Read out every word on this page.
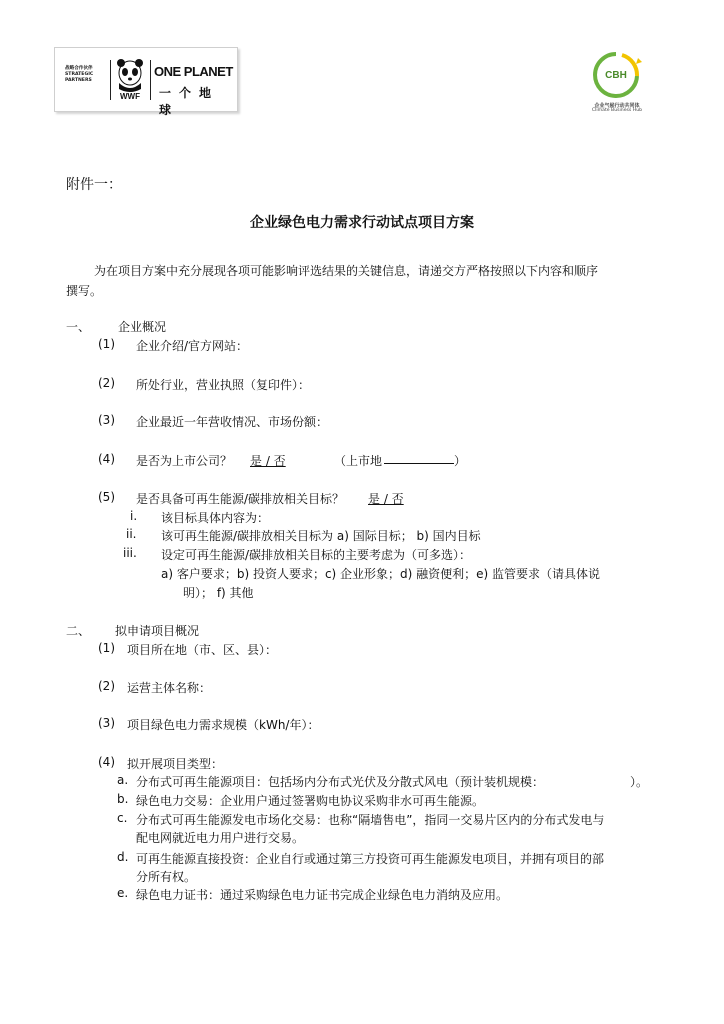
战略合作伙伴 STRATEGIC PARTNERS
WWF
ONE PLANET
一个地球
CBH
企业气候行动共同体
Climate Business Hub
附件一：
企业绿色电力需求行动试点项目方案
为在项目方案中充分展现各项可能影响评选结果的关键信息，请递交方严格按照以下内容和顺序
撰写。
一、 企业概况
(1) 企业介绍/官方网站：
(2) 所处行业，营业执照（复印件）：
(3) 企业最近一年营收情况、市场份额：
(4) 是否为上市公司？ 是 / 否	（上市地	）
(5) 是否具备可再生能源/碳排放相关目标？ 是 / 否
i. 该目标具体内容为：
ii. 该可再生能源/碳排放相关目标为 a) 国际目标； b) 国内目标
iii. 设定可再生能源/碳排放相关目标的主要考虑为（可多选）：
a) 客户要求；b) 投资人要求；c) 企业形象；d) 融资便利；e) 监管要求（请具体说
明）； f) 其他
二、 拟申请项目概况
(1) 项目所在地（市、区、县）：
(2) 运营主体名称：
(3) 项目绿色电力需求规模（kWh/年）：
(4) 拟开展项目类型：
a. 分布式可再生能源项目：包括场内分布式光伏及分散式风电（预计装机规模：	）。
b. 绿色电力交易：企业用户通过签署购电协议采购非水可再生能源。
c. 分布式可再生能源发电市场化交易：也称“隔墙售电”，指同一交易片区内的分布式发电与
配电网就近电力用户进行交易。
d. 可再生能源直接投资：企业自行或通过第三方投资可再生能源发电项目，并拥有项目的部
分所有权。
e. 绿色电力证书：通过采购绿色电力证书完成企业绿色电力消纳及应用。
